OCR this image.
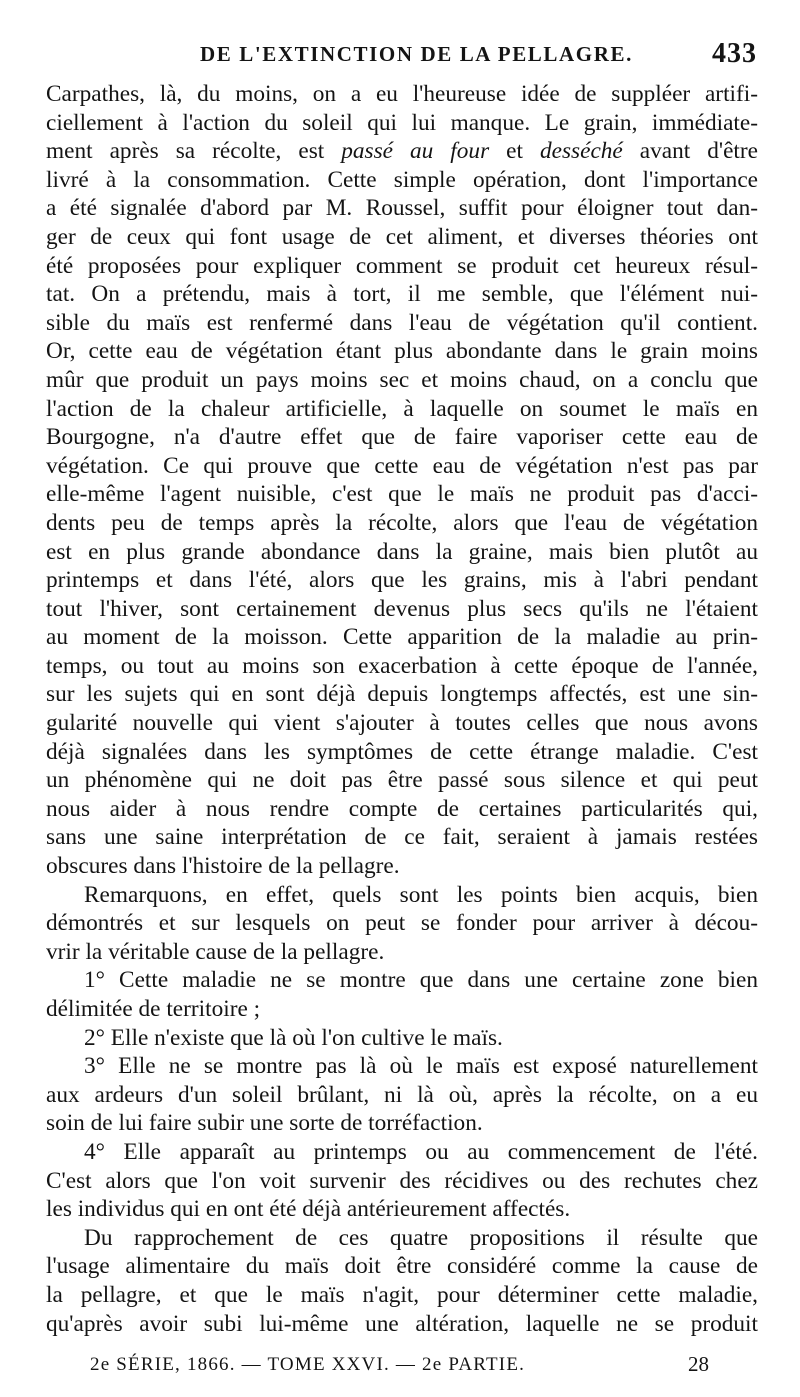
DE L'EXTINCTION DE LA PELLAGRE.	433
Carpathes, là, du moins, on a eu l'heureuse idée de suppléer artifi-
ciellement à l'action du soleil qui lui manque. Le grain, immédiate-
ment après sa récolte, est passé au four et desséché avant d'être
livré à la consommation. Cette simple opération, dont l'importance
a été signalée d'abord par M. Roussel, suffit pour éloigner tout dan-
ger de ceux qui font usage de cet aliment, et diverses théories ont
été proposées pour expliquer comment se produit cet heureux résul-
tat. On a prétendu, mais à tort, il me semble, que l'élément nui-
sible du maïs est renfermé dans l'eau de végétation qu'il contient.
Or, cette eau de végétation étant plus abondante dans le grain moins
mûr que produit un pays moins sec et moins chaud, on a conclu que
l'action de la chaleur artificielle, à laquelle on soumet le maïs en
Bourgogne, n'a d'autre effet que de faire vaporiser cette eau de
végétation. Ce qui prouve que cette eau de végétation n'est pas par
elle-même l'agent nuisible, c'est que le maïs ne produit pas d'acci-
dents peu de temps après la récolte, alors que l'eau de végétation
est en plus grande abondance dans la graine, mais bien plutôt au
printemps et dans l'été, alors que les grains, mis à l'abri pendant
tout l'hiver, sont certainement devenus plus secs qu'ils ne l'étaient
au moment de la moisson. Cette apparition de la maladie au prin-
temps, ou tout au moins son exacerbation à cette époque de l'année,
sur les sujets qui en sont déjà depuis longtemps affectés, est une sin-
gularité nouvelle qui vient s'ajouter à toutes celles que nous avons
déjà signalées dans les symptômes de cette étrange maladie. C'est
un phénomène qui ne doit pas être passé sous silence et qui peut
nous aider à nous rendre compte de certaines particularités qui,
sans une saine interprétation de ce fait, seraient à jamais restées
obscures dans l'histoire de la pellagre.
Remarquons, en effet, quels sont les points bien acquis, bien
démontrés et sur lesquels on peut se fonder pour arriver à décou-
vrir la véritable cause de la pellagre.
1° Cette maladie ne se montre que dans une certaine zone bien
délimitée de territoire ;
2° Elle n'existe que là où l'on cultive le maïs.
3° Elle ne se montre pas là où le maïs est exposé naturellement
aux ardeurs d'un soleil brûlant, ni là où, après la récolte, on a eu
soin de lui faire subir une sorte de torréfaction.
4° Elle apparaît au printemps ou au commencement de l'été.
C'est alors que l'on voit survenir des récidives ou des rechutes chez
les individus qui en ont été déjà antérieurement affectés.
Du rapprochement de ces quatre propositions il résulte que
l'usage alimentaire du maïs doit être considéré comme la cause de
la pellagre, et que le maïs n'agit, pour déterminer cette maladie,
qu'après avoir subi lui-même une altération, laquelle ne se produit
2e SÉRIE, 1866. — TOME XXVI. — 2e PARTIE.	28
